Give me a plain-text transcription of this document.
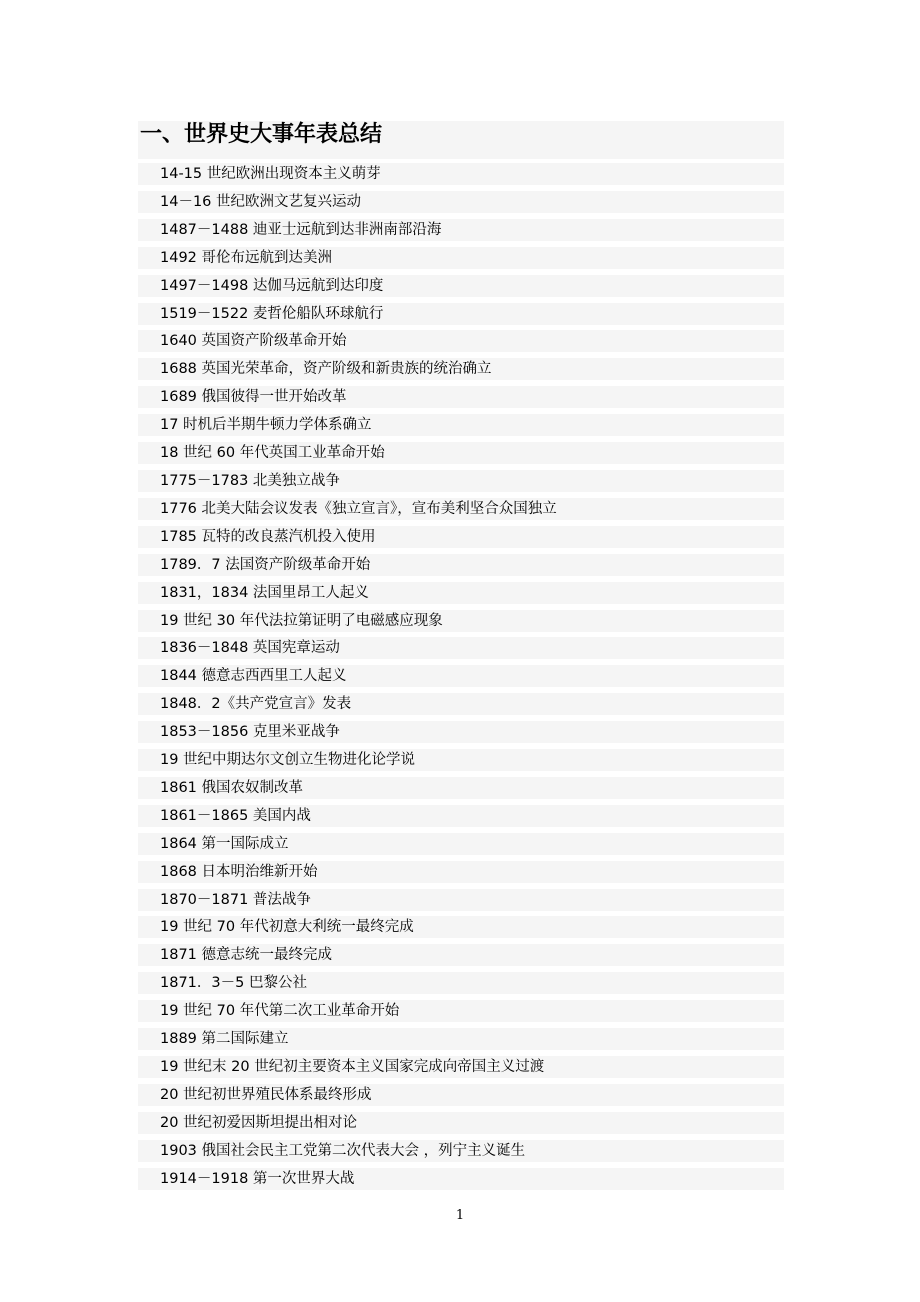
一、世界史大事年表总结
14-15 世纪欧洲出现资本主义萌芽
14－16 世纪欧洲文艺复兴运动
1487－1488 迪亚士远航到达非洲南部沿海
1492 哥伦布远航到达美洲
1497－1498 达伽马远航到达印度
1519－1522 麦哲伦船队环球航行
1640 英国资产阶级革命开始
1688 英国光荣革命，资产阶级和新贵族的统治确立
1689 俄国彼得一世开始改革
17 时机后半期牛顿力学体系确立
18 世纪 60 年代英国工业革命开始
1775－1783 北美独立战争
1776 北美大陆会议发表《独立宣言》，宣布美利坚合众国独立
1785 瓦特的改良蒸汽机投入使用
1789．7 法国资产阶级革命开始
1831，1834 法国里昂工人起义
19 世纪 30 年代法拉第证明了电磁感应现象
1836－1848 英国宪章运动
1844 德意志西西里工人起义
1848．2《共产党宣言》发表
1853－1856 克里米亚战争
19 世纪中期达尔文创立生物进化论学说
1861 俄国农奴制改革
1861－1865 美国内战
1864 第一国际成立
1868 日本明治维新开始
1870－1871 普法战争
19 世纪 70 年代初意大利统一最终完成
1871 德意志统一最终完成
1871．3－5 巴黎公社
19 世纪 70 年代第二次工业革命开始
1889 第二国际建立
19 世纪末 20 世纪初主要资本主义国家完成向帝国主义过渡
20 世纪初世界殖民体系最终形成
20 世纪初爱因斯坦提出相对论
1903 俄国社会民主工党第二次代表大会 ，列宁主义诞生
1914－1918 第一次世界大战
1
